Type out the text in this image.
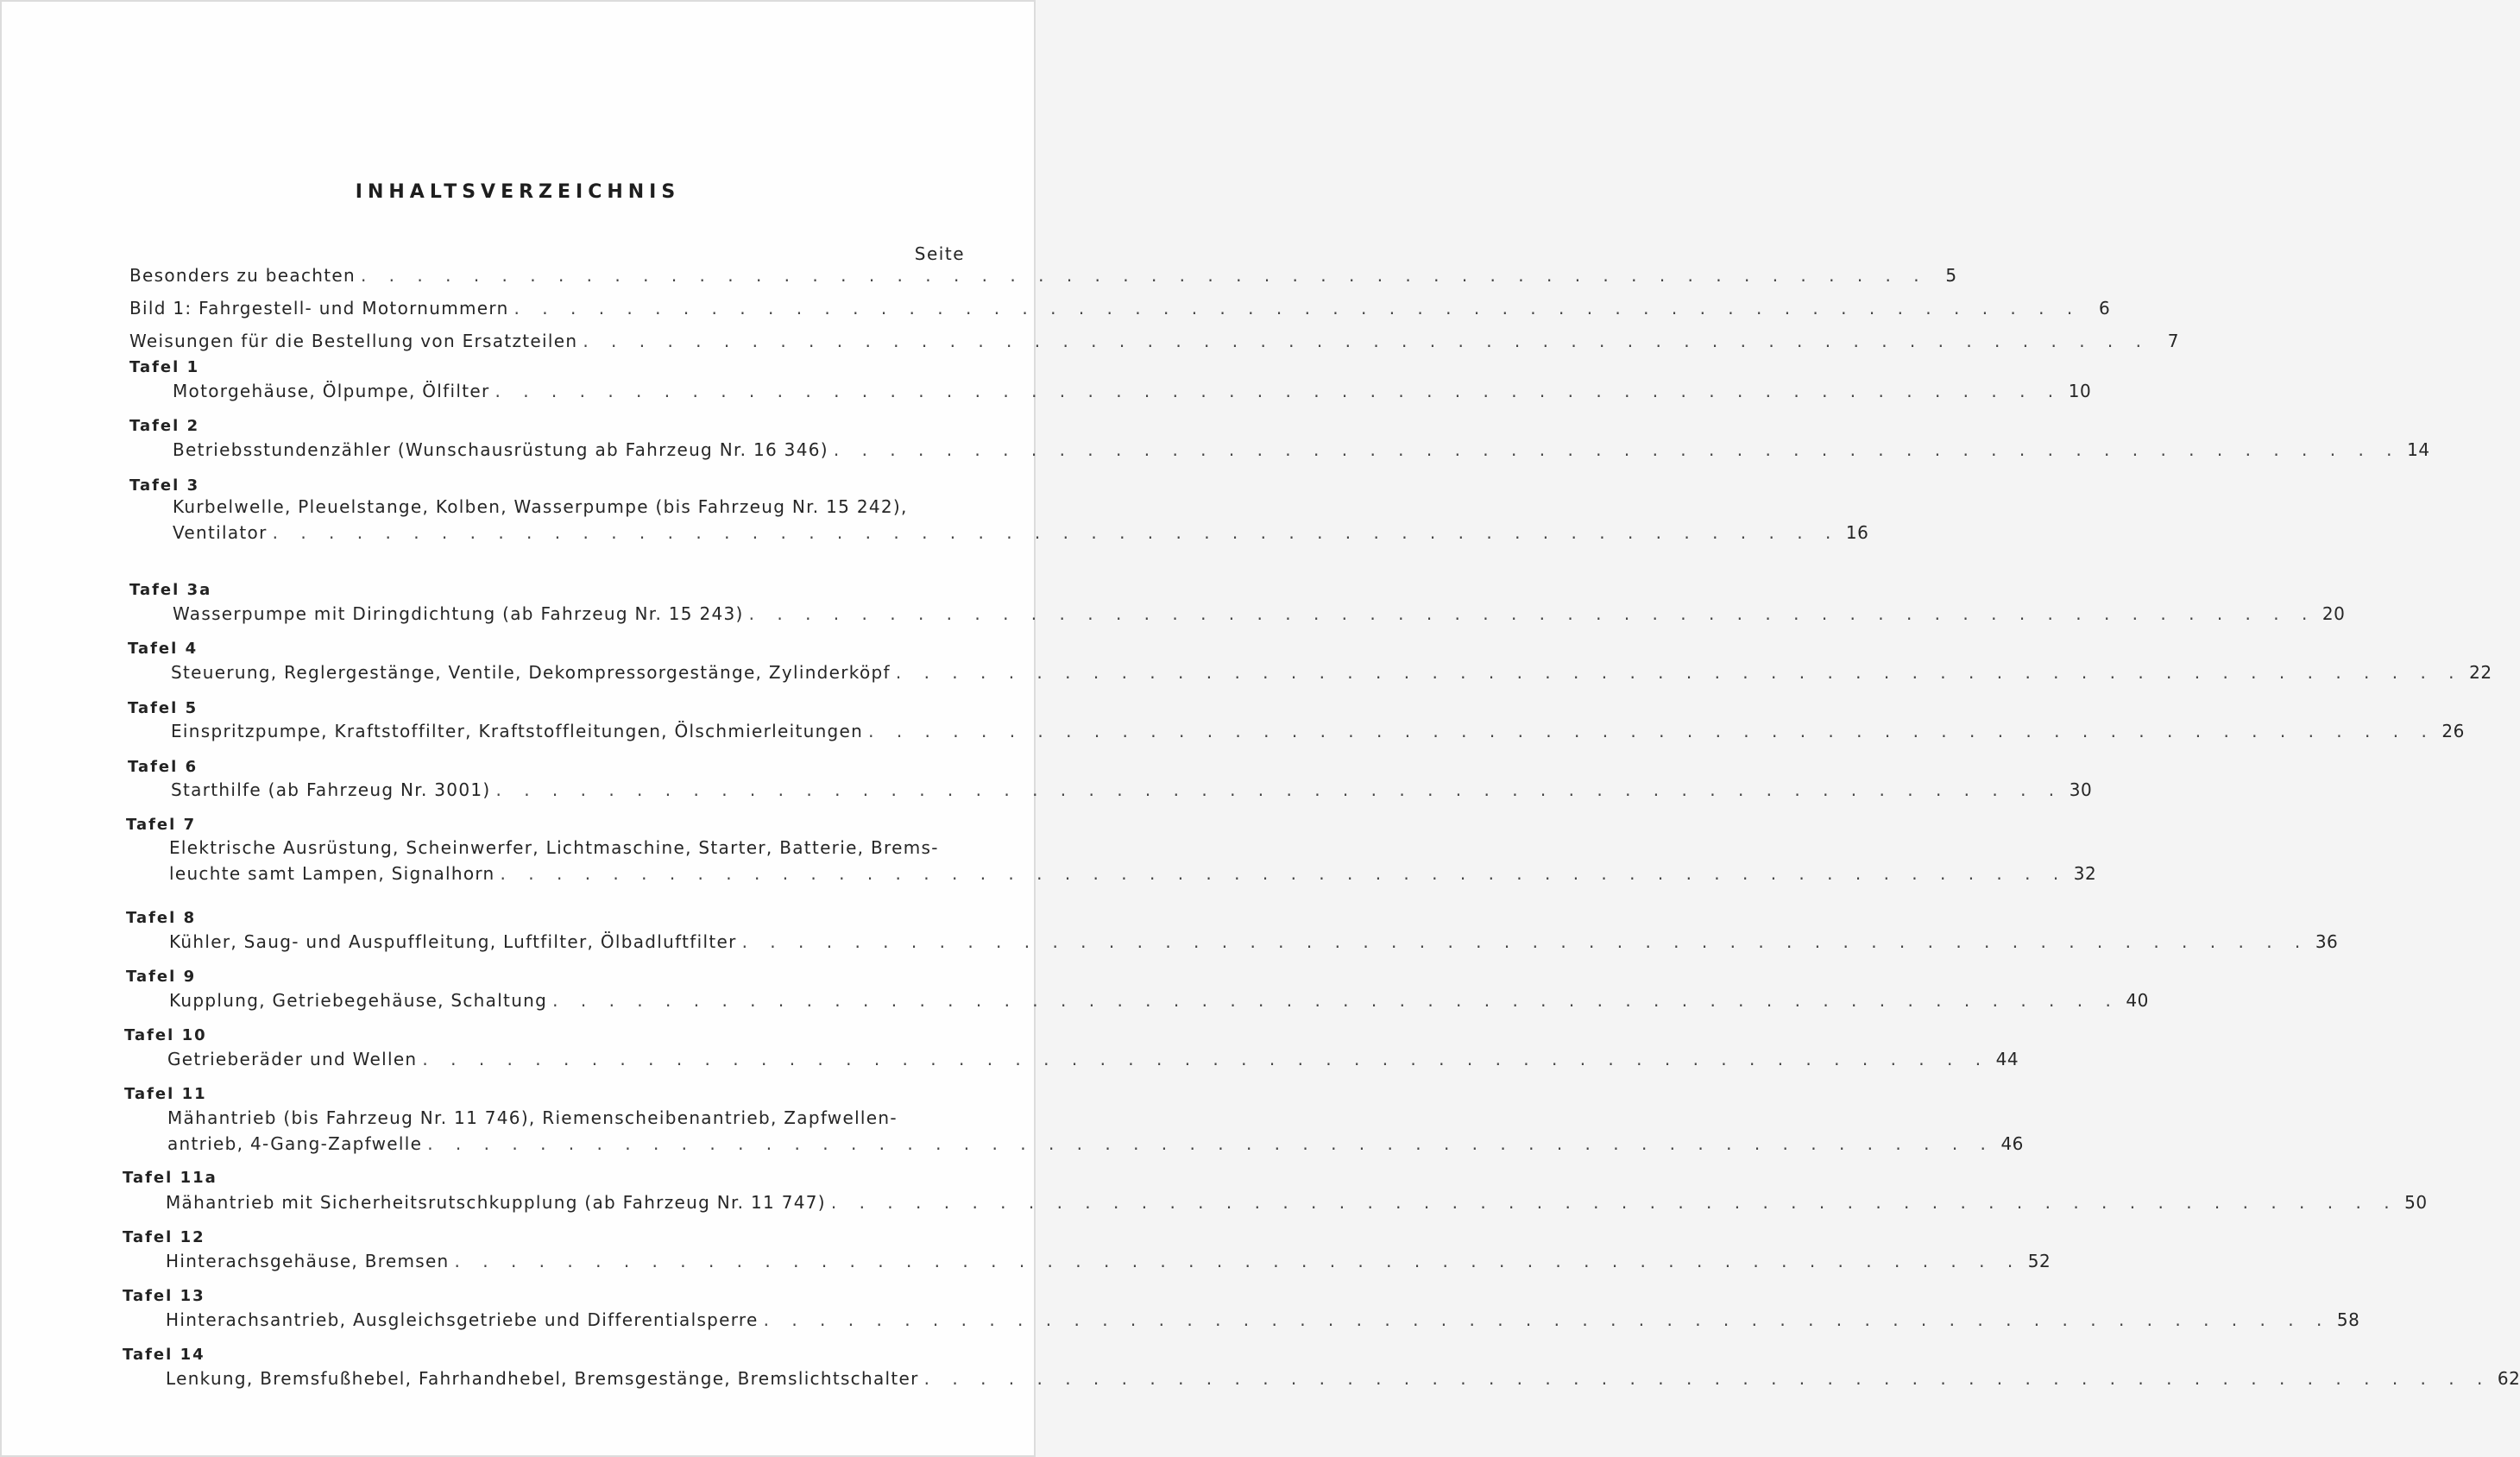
INHALTSVERZEICHNIS
Seite
Besonders zu beachten . . . . . . . . . . . . . . . . . . . . . . . . . . . . . . . . . . . . . . . . . . . . . . . . . . . . . . . .	5
Bild 1: Fahrgestell- und Motornummern . . . . . . . . . . . . . . . . . . . . . . . . . . . . . . . . . . . . . . . . . . . . . . . . . . . . . . . .	6
Weisungen für die Bestellung von Ersatzteilen . . . . . . . . . . . . . . . . . . . . . . . . . . . . . . . . . . . . . . . . . . . . . . . . . . . . . . . .	7
Tafel 1
Motorgehäuse, Ölpumpe, Ölfilter . . . . . . . . . . . . . . . . . . . . . . . . . . . . . . . . . . . . . . . . . . . . . . . . . . . . . . . . 10
Tafel 2
Betriebsstundenzähler (Wunschausrüstung ab Fahrzeug Nr. 16 346) . . . . . . . . . . . . . . . . . . . . . . . . . . . . . . . . . . . . . . . . . . . . . . . . . . . . . . . . 14
Tafel 3
Kurbelwelle, Pleuelstange, Kolben, Wasserpumpe (bis Fahrzeug Nr. 15 242),
Ventilator . . . . . . . . . . . . . . . . . . . . . . . . . . . . . . . . . . . . . . . . . . . . . . . . . . . . . . . . 16
Tafel 3a
Wasserpumpe mit Diringdichtung (ab Fahrzeug Nr. 15 243) . . . . . . . . . . . . . . . . . . . . . . . . . . . . . . . . . . . . . . . . . . . . . . . . . . . . . . . . 20
Tafel 4
Steuerung, Reglergestänge, Ventile, Dekompressorgestänge, Zylinderköpf . . . . . . . . . . . . . . . . . . . . . . . . . . . . . . . . . . . . . . . . . . . . . . . . . . . . . . . . 22
Tafel 5
Einspritzpumpe, Kraftstoffilter, Kraftstoffleitungen, Ölschmierleitungen . . . . . . . . . . . . . . . . . . . . . . . . . . . . . . . . . . . . . . . . . . . . . . . . . . . . . . . . 26
Tafel 6
Starthilfe (ab Fahrzeug Nr. 3001) . . . . . . . . . . . . . . . . . . . . . . . . . . . . . . . . . . . . . . . . . . . . . . . . . . . . . . . . 30
Tafel 7
Elektrische Ausrüstung, Scheinwerfer, Lichtmaschine, Starter, Batterie, Brems-
leuchte samt Lampen, Signalhorn . . . . . . . . . . . . . . . . . . . . . . . . . . . . . . . . . . . . . . . . . . . . . . . . . . . . . . . . 32
Tafel 8
Kühler, Saug- und Auspuffleitung, Luftfilter, Ölbadluftfilter . . . . . . . . . . . . . . . . . . . . . . . . . . . . . . . . . . . . . . . . . . . . . . . . . . . . . . . . 36
Tafel 9
Kupplung, Getriebegehäuse, Schaltung . . . . . . . . . . . . . . . . . . . . . . . . . . . . . . . . . . . . . . . . . . . . . . . . . . . . . . . . 40
Tafel 10
Getrieberäder und Wellen . . . . . . . . . . . . . . . . . . . . . . . . . . . . . . . . . . . . . . . . . . . . . . . . . . . . . . . . 44
Tafel 11
Mähantrieb (bis Fahrzeug Nr. 11 746), Riemenscheibenantrieb, Zapfwellen-
antrieb, 4-Gang-Zapfwelle . . . . . . . . . . . . . . . . . . . . . . . . . . . . . . . . . . . . . . . . . . . . . . . . . . . . . . . . 46
Tafel 11a
Mähantrieb mit Sicherheitsrutschkupplung (ab Fahrzeug Nr. 11 747) . . . . . . . . . . . . . . . . . . . . . . . . . . . . . . . . . . . . . . . . . . . . . . . . . . . . . . . . 50
Tafel 12
Hinterachsgehäuse, Bremsen . . . . . . . . . . . . . . . . . . . . . . . . . . . . . . . . . . . . . . . . . . . . . . . . . . . . . . . . 52
Tafel 13
Hinterachsantrieb, Ausgleichsgetriebe und Differentialsperre . . . . . . . . . . . . . . . . . . . . . . . . . . . . . . . . . . . . . . . . . . . . . . . . . . . . . . . . 58
Tafel 14
Lenkung, Bremsfußhebel, Fahrhandhebel, Bremsgestänge, Bremslichtschalter . . . . . . . . . . . . . . . . . . . . . . . . . . . . . . . . . . . . . . . . . . . . . . . . . . . . . . . . 62
